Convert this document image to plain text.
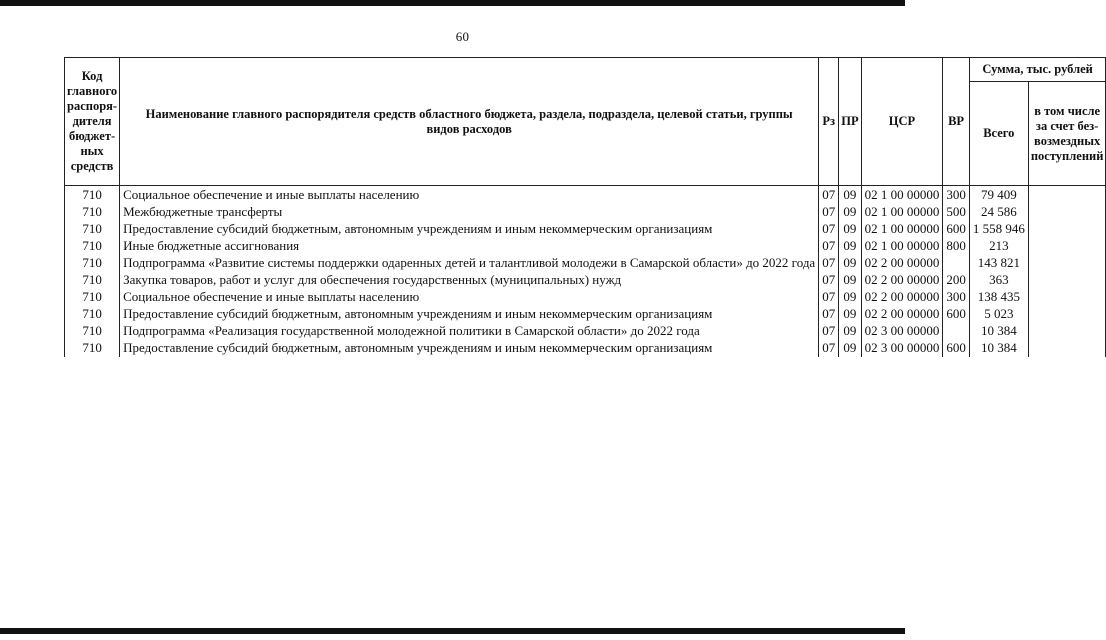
60
Код главного распоря-дителя бюджет-ных средств	Наименование главного распорядителя средств областного бюджета, раздела, подраздела, целевой статьи, группы видов расходов	Рз	ПР	ЦСР	ВР	Сумма, тыс. рублей	
						Всего	в том числе за счет без-возмездных поступлений
710	Социальное обеспечение и иные выплаты населению	07	09	02 1 00 00000	300	79 409	
710	Межбюджетные трансферты	07	09	02 1 00 00000	500	24 586	
710	Предоставление субсидий бюджетным, автономным учреждениям и иным некоммерческим организациям	07	09	02 1 00 00000	600	1 558 946	
710	Иные бюджетные ассигнования	07	09	02 1 00 00000	800	213	
710	Подпрограмма «Развитие системы поддержки одаренных детей и талантливой молодежи в Самарской области» до 2022 года	07	09	02 2 00 00000		143 821	
710	Закупка товаров, работ и услуг для обеспечения государственных (муниципальных) нужд	07	09	02 2 00 00000	200	363	
710	Социальное обеспечение и иные выплаты населению	07	09	02 2 00 00000	300	138 435	
710	Предоставление субсидий бюджетным, автономным учреждениям и иным некоммерческим организациям	07	09	02 2 00 00000	600	5 023	
710	Подпрограмма «Реализация государственной молодежной политики в Самарской области» до 2022 года	07	09	02 3 00 00000		10 384	
710	Предоставление субсидий бюджетным, автономным учреждениям и иным некоммерческим организациям	07	09	02 3 00 00000	600	10 384	
